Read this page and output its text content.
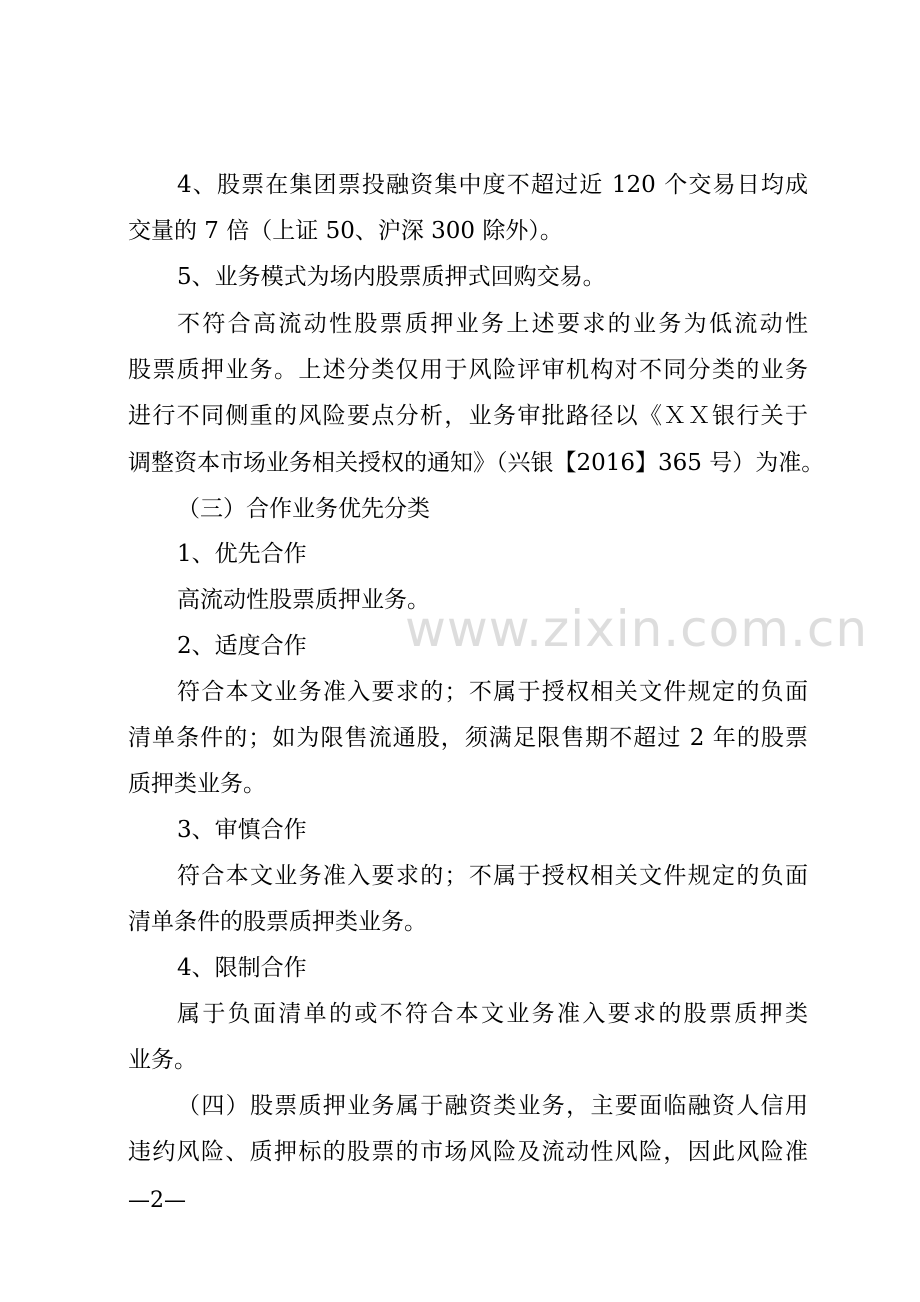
4、股票在集团票投融资集中度不超过近 120 个交易日均成
交量的 7 倍（上证 50、沪深 300 除外）。
5、业务模式为场内股票质押式回购交易。
不符合高流动性股票质押业务上述要求的业务为低流动性
股票质押业务。上述分类仅用于风险评审机构对不同分类的业务
进行不同侧重的风险要点分析，业务审批路径以《ＸＸ银行关于
调整资本市场业务相关授权的通知》（兴银【2016】365 号）为准。
（三）合作业务优先分类
1、优先合作
高流动性股票质押业务。
2、适度合作
符合本文业务准入要求的；不属于授权相关文件规定的负面
清单条件的；如为限售流通股，须满足限售期不超过 2 年的股票
质押类业务。
3、审慎合作
符合本文业务准入要求的；不属于授权相关文件规定的负面
清单条件的股票质押类业务。
4、限制合作
属于负面清单的或不符合本文业务准入要求的股票质押类
业务。
（四）股票质押业务属于融资类业务，主要面临融资人信用
违约风险、质押标的股票的市场风险及流动性风险，因此风险准
www.zixin.com.cn
—2—
